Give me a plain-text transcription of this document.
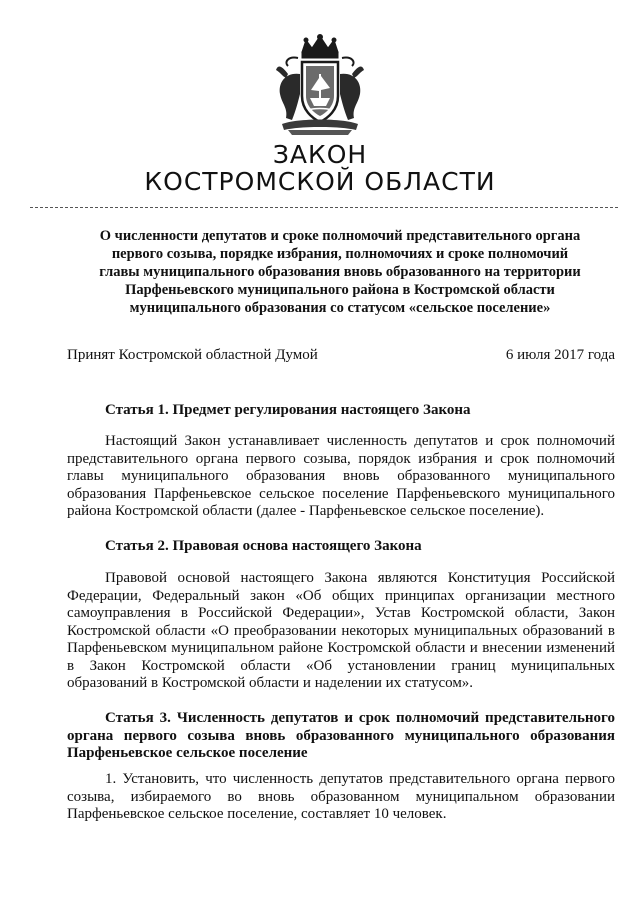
ЗАКОН
КОСТРОМСКОЙ ОБЛАСТИ
О численности депутатов и сроке полномочий представительного органа
первого созыва, порядке избрания, полномочиях и сроке полномочий
главы муниципального образования вновь образованного на территории
Парфеньевского муниципального района в Костромской области
муниципального образования со статусом «сельское поселение»
Принят Костромской областной Думой	6 июля 2017 года
Статья 1. Предмет регулирования настоящего Закона
Настоящий Закон устанавливает численность депутатов и срок полномочий представительного органа первого созыва, порядок избрания и срок полномочий главы муниципального образования вновь образованного муниципального образования Парфеньевское сельское поселение Парфеньевского муниципального района Костромской области (далее - Парфеньевское сельское поселение).
Статья 2. Правовая основа настоящего Закона
Правовой основой настоящего Закона являются Конституция Российской Федерации, Федеральный закон «Об общих принципах организации местного самоуправления в Российской Федерации», Устав Костромской области, Закон Костромской области «О преобразовании некоторых муниципальных образований в Парфеньевском муниципальном районе Костромской области и внесении изменений в Закон Костромской области «Об установлении границ муниципальных образований в Костромской области и наделении их статусом».
Статья 3. Численность депутатов и срок полномочий представительного органа первого созыва вновь образованного муниципального образования Парфеньевское сельское поселение
1. Установить, что численность депутатов представительного органа первого созыва, избираемого во вновь образованном муниципальном образовании Парфеньевское сельское поселение, составляет 10 человек.
